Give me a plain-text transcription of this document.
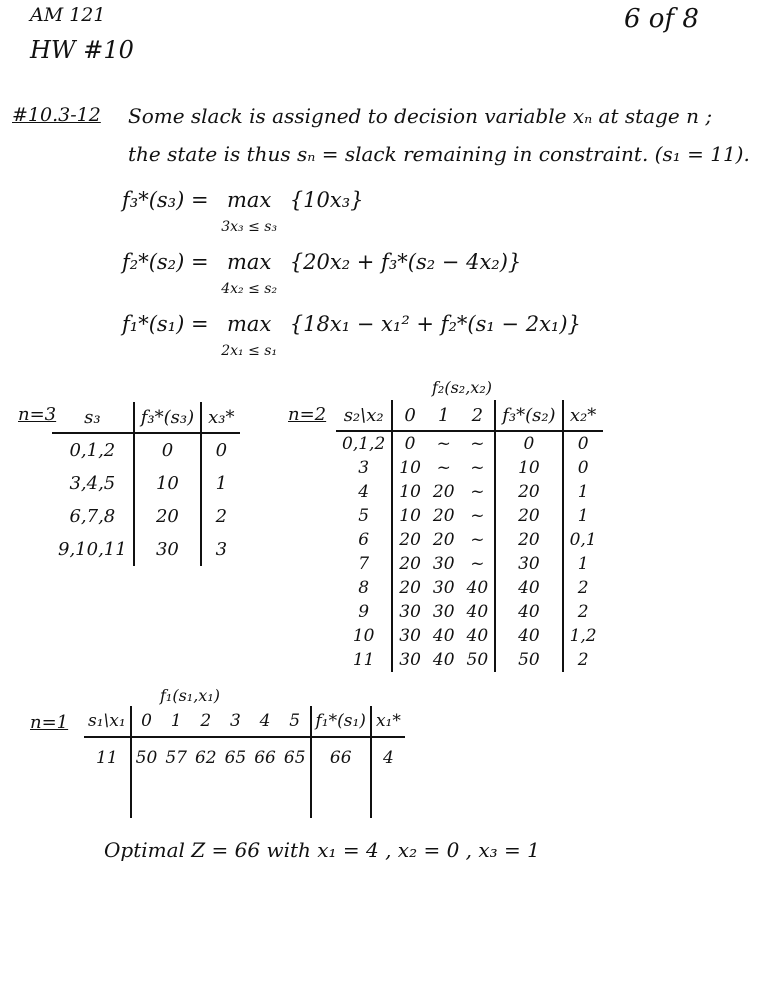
AM 121
HW #10
6 of 8
#10.3-12 Some slack is assigned to decision variable xₙ at stage n ;
the state is thus sₙ = slack remaining in constraint. (s₁ = 11).
f₃*(s₃) = max
3x₃ ≤ s₃ {10x₃}
f₂*(s₂) = max
4x₂ ≤ s₂ {20x₂ + f₃*(s₂ − 4x₂)}
f₁*(s₁) = max
2x₁ ≤ s₁ {18x₁ − x₁² + f₂*(s₁ − 2x₁)}
n=3 s₃	f₃*(s₃)	x₃*
0,1,2	0	0
3,4,5	10	1
6,7,8	20	2
9,10,11	30	3
n=2
f₂(s₂,x₂)
s₂\x₂	0	1	2	f₃*(s₂)	x₂*
0,1,2	0	~	~	0	0
3	10	~	~	10	0
4	10	20	~	20	1
5	10	20	~	20	1
6	20	20	~	20	0,1
7	20	30	~	30	1
8	20	30	40	40	2
9	30	30	40	40	2
10	30	40	40	40	1,2
11	30	40	50	50	2
n=1
f₁(s₁,x₁)
s₁\x₁	0	1	2	3	4	5	f₁*(s₁)	x₁*
11	50	57	62	65	66	65	66	4

Optimal Z = 66 with x₁ = 4 , x₂ = 0 , x₃ = 1
